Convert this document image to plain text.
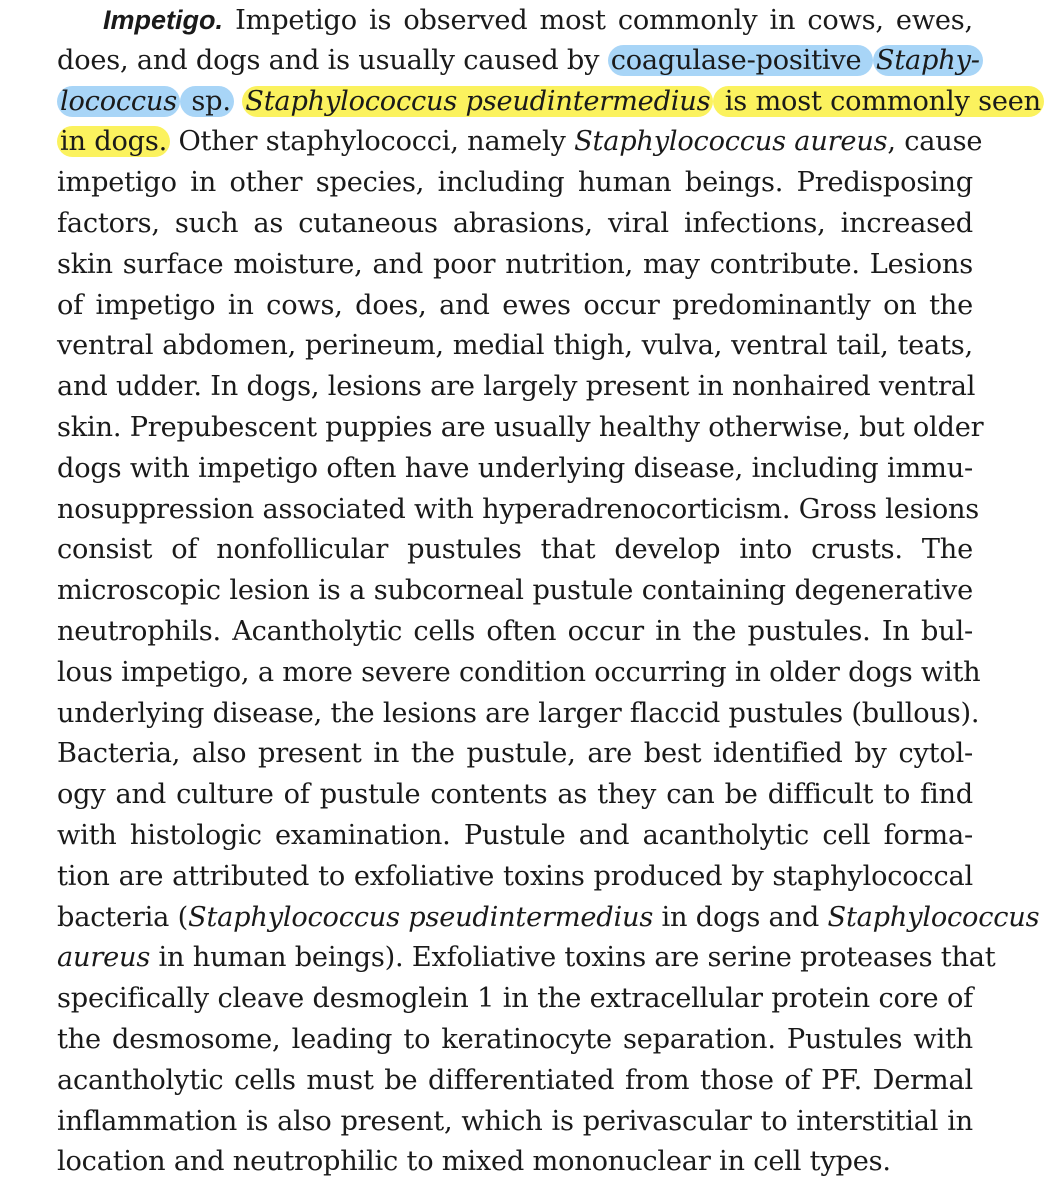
Impetigo. Impetigo is observed most commonly in cows, ewes,
does, and dogs and is usually caused by coagulase-positive Staphy-
lococcus sp. Staphylococcus pseudintermedius is most commonly seen
in dogs. Other staphylococci, namely Staphylococcus aureus, cause
impetigo in other species, including human beings. Predisposing
factors, such as cutaneous abrasions, viral infections, increased
skin surface moisture, and poor nutrition, may contribute. Lesions
of impetigo in cows, does, and ewes occur predominantly on the
ventral abdomen, perineum, medial thigh, vulva, ventral tail, teats,
and udder. In dogs, lesions are largely present in nonhaired ventral
skin. Prepubescent puppies are usually healthy otherwise, but older
dogs with impetigo often have underlying disease, including immu-
nosuppression associated with hyperadrenocorticism. Gross lesions
consist of nonfollicular pustules that develop into crusts. The
microscopic lesion is a subcorneal pustule containing degenerative
neutrophils. Acantholytic cells often occur in the pustules. In bul-
lous impetigo, a more severe condition occurring in older dogs with
underlying disease, the lesions are larger flaccid pustules (bullous).
Bacteria, also present in the pustule, are best identified by cytol-
ogy and culture of pustule contents as they can be difficult to find
with histologic examination. Pustule and acantholytic cell forma-
tion are attributed to exfoliative toxins produced by staphylococcal
bacteria (Staphylococcus pseudintermedius in dogs and Staphylococcus
aureus in human beings). Exfoliative toxins are serine proteases that
specifically cleave desmoglein 1 in the extracellular protein core of
the desmosome, leading to keratinocyte separation. Pustules with
acantholytic cells must be differentiated from those of PF. Dermal
inflammation is also present, which is perivascular to interstitial in
location and neutrophilic to mixed mononuclear in cell types.
